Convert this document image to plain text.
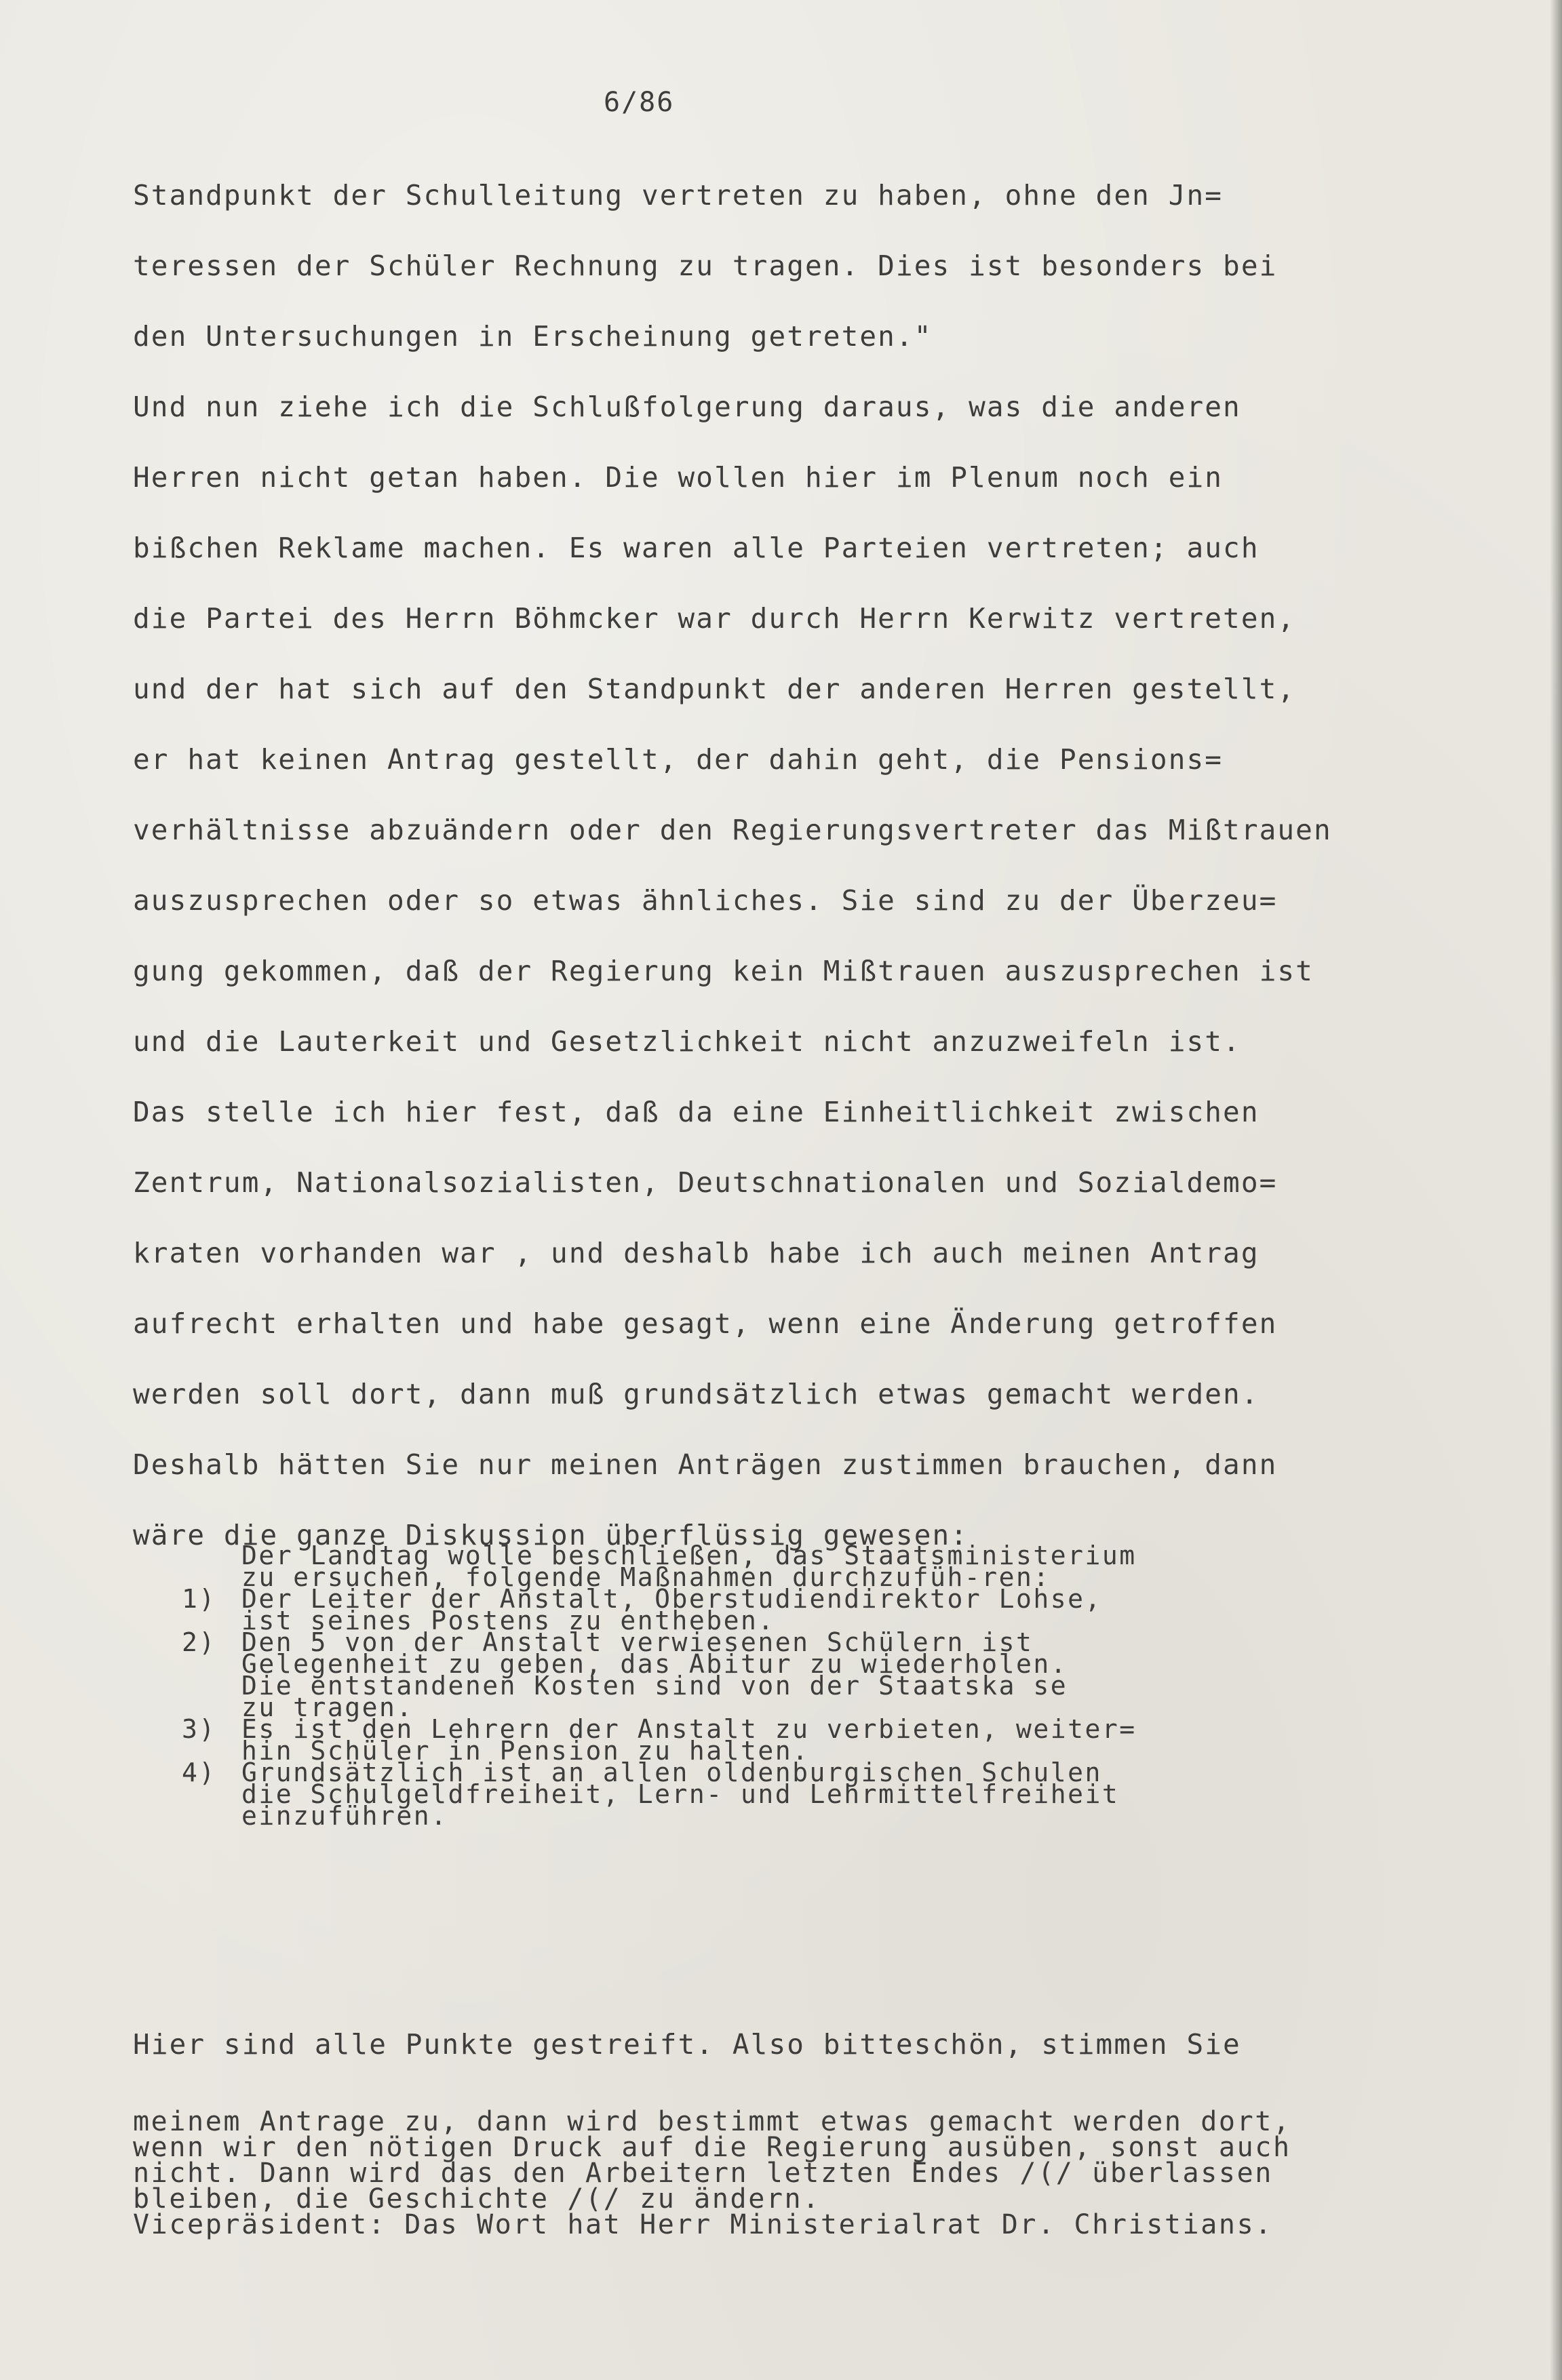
6/86
Standpunkt der Schulleitung vertreten zu haben, ohne den Jn=
teressen der Schüler Rechnung zu tragen. Dies ist besonders bei
den Untersuchungen in Erscheinung getreten."
Und nun ziehe ich die Schlußfolgerung daraus, was die anderen
Herren nicht getan haben. Die wollen hier im Plenum noch ein
bißchen Reklame machen. Es waren alle Parteien vertreten; auch
die Partei des Herrn Böhmcker war durch Herrn Kerwitz vertreten,
und der hat sich auf den Standpunkt der anderen Herren gestellt,
er hat keinen Antrag gestellt, der dahin geht, die Pensions=
verhältnisse abzuändern oder den Regierungsvertreter das Mißtrauen
auszusprechen oder so etwas ähnliches. Sie sind zu der Überzeu=
gung gekommen, daß der Regierung kein Mißtrauen auszusprechen ist
und die Lauterkeit und Gesetzlichkeit nicht anzuzweifeln ist.
Das stelle ich hier fest, daß da eine Einheitlichkeit zwischen
Zentrum, Nationalsozialisten, Deutschnationalen und Sozialdemo=
kraten vorhanden war , und deshalb habe ich auch meinen Antrag
aufrecht erhalten und habe gesagt, wenn eine Änderung getroffen
werden soll dort, dann muß grundsätzlich etwas gemacht werden.
Deshalb hätten Sie nur meinen Anträgen zustimmen brauchen, dann
wäre die ganze Diskussion überflüssig gewesen:
Der Landtag wolle beschließen, das Staatsministerium
zu ersuchen, folgende Maßnahmen durchzufüh-ren:
1) Der Leiter der Anstalt, Oberstudiendirektor Lohse,
ist seines Postens zu entheben.
2) Den 5 von der Anstalt verwiesenen Schülern ist
Gelegenheit zu geben, das Abitur zu wiederholen.
Die entstandenen Kosten sind von der Staatska se
zu tragen.
3) Es ist den Lehrern der Anstalt zu verbieten, weiter=
hin Schüler in Pension zu halten.
4) Grundsätzlich ist an allen oldenburgischen Schulen
die Schulgeldfreiheit, Lern- und Lehrmittelfreiheit
einzuführen.
Hier sind alle Punkte gestreift. Also bitteschön, stimmen Sie
meinem Antrage zu, dann wird bestimmt etwas gemacht werden dort,
wenn wir den nötigen Druck auf die Regierung ausüben, sonst auch
nicht. Dann wird das den Arbeitern letzten Endes /(/ überlassen
bleiben, die Geschichte /(/ zu ändern.
Vicepräsident: Das Wort hat Herr Ministerialrat Dr. Christians.
